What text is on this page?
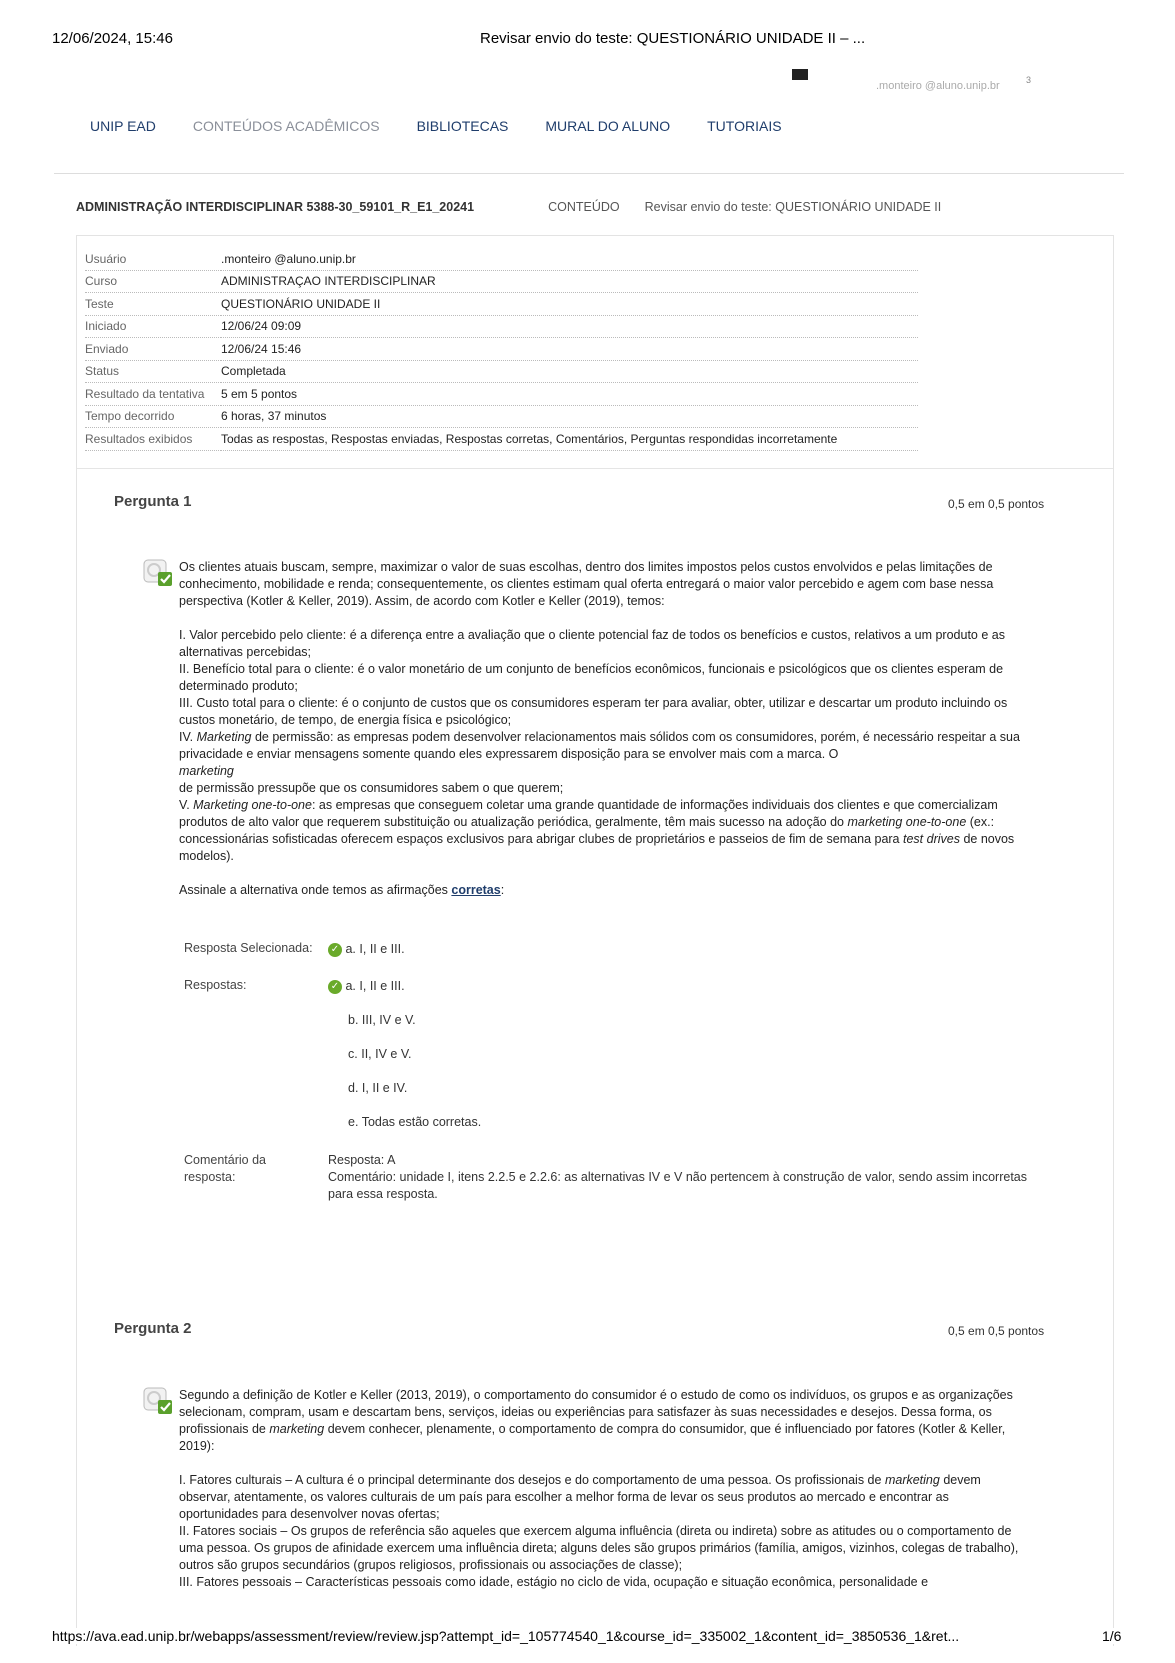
12/06/2024, 15:46	Revisar envio do teste: QUESTIONÁRIO UNIDADE II – ...
.monteiro @aluno.unip.br	3
UNIP EAD	CONTEÚDOS ACADÊMICOS	BIBLIOTECAS	MURAL DO ALUNO	TUTORIAIS
ADMINISTRAÇÃO INTERDISCIPLINAR 5388-30_59101_R_E1_20241	CONTEÚDO Revisar envio do teste: QUESTIONÁRIO UNIDADE II
Usuário	.monteiro @aluno.unip.br
Curso	ADMINISTRAÇAO INTERDISCIPLINAR
Teste	QUESTIONÁRIO UNIDADE II
Iniciado	12/06/24 09:09
Enviado	12/06/24 15:46
Status	Completada
Resultado da tentativa	5 em 5 pontos
Tempo decorrido	6 horas, 37 minutos
Resultados exibidos	Todas as respostas, Respostas enviadas, Respostas corretas, Comentários, Perguntas respondidas incorretamente
Pergunta 1	0,5 em 0,5 pontos

Os clientes atuais buscam, sempre, maximizar o valor de suas escolhas, dentro dos limites impostos pelos custos envolvidos e pelas limitações de conhecimento, mobilidade e renda; consequentemente, os clientes estimam qual oferta entregará o maior valor percebido e agem com base nessa perspectiva (Kotler & Keller, 2019). Assim, de acordo com Kotler e Keller (2019), temos:

I. Valor percebido pelo cliente: é a diferença entre a avaliação que o cliente potencial faz de todos os benefícios e custos, relativos a um produto e as alternativas percebidas;

II. Benefício total para o cliente: é o valor monetário de um conjunto de benefícios econômicos, funcionais e psicológicos que os clientes esperam de determinado produto;

III. Custo total para o cliente: é o conjunto de custos que os consumidores esperam ter para avaliar, obter, utilizar e descartar um produto incluindo os custos monetário, de tempo, de energia física e psicológico;

IV. Marketing de permissão: as empresas podem desenvolver relacionamentos mais sólidos com os consumidores, porém, é necessário respeitar a sua privacidade e enviar mensagens somente quando eles expressarem disposição para se envolver mais com a marca. O
marketing
de permissão pressupõe que os consumidores sabem o que querem;

V. Marketing one-to-one: as empresas que conseguem coletar uma grande quantidade de informações individuais dos clientes e que comercializam produtos de alto valor que requerem substituição ou atualização periódica, geralmente, têm mais sucesso na adoção do marketing one-to-one (ex.: concessionárias sofisticadas oferecem espaços exclusivos para abrigar clubes de proprietários e passeios de fim de semana para test drives de novos modelos).

Assinale a alternativa onde temos as afirmações corretas:

Resposta Selecionada: ✓ a. I, II e III.
Respostas:	✓ a. I, II e III.
b. III, IV e V.
c. II, IV e V.
d. I, II e IV.
e. Todas estão corretas.
Comentário da
resposta:
Resposta: A
Comentário: unidade I, itens 2.2.5 e 2.2.6: as alternativas IV e V não pertencem à construção de valor, sendo assim incorretas para essa resposta.
Pergunta 2	0,5 em 0,5 pontos

Segundo a definição de Kotler e Keller (2013, 2019), o comportamento do consumidor é o estudo de como os indivíduos, os grupos e as organizações selecionam, compram, usam e descartam bens, serviços, ideias ou experiências para satisfazer às suas necessidades e desejos. Dessa forma, os profissionais de marketing devem conhecer, plenamente, o comportamento de compra do consumidor, que é influenciado por fatores (Kotler & Keller, 2019):

I. Fatores culturais – A cultura é o principal determinante dos desejos e do comportamento de uma pessoa. Os profissionais de marketing devem observar, atentamente, os valores culturais de um país para escolher a melhor forma de levar os seus produtos ao mercado e encontrar as oportunidades para desenvolver novas ofertas;

II. Fatores sociais – Os grupos de referência são aqueles que exercem alguma influência (direta ou indireta) sobre as atitudes ou o comportamento de uma pessoa. Os grupos de afinidade exercem uma influência direta; alguns deles são grupos primários (família, amigos, vizinhos, colegas de trabalho), outros são grupos secundários (grupos religiosos, profissionais ou associações de classe);

III. Fatores pessoais – Características pessoais como idade, estágio no ciclo de vida, ocupação e situação econômica, personalidade e

https://ava.ead.unip.br/webapps/assessment/review/review.jsp?attempt_id=_105774540_1&course_id=_335002_1&content_id=_3850536_1&ret...	1/6
